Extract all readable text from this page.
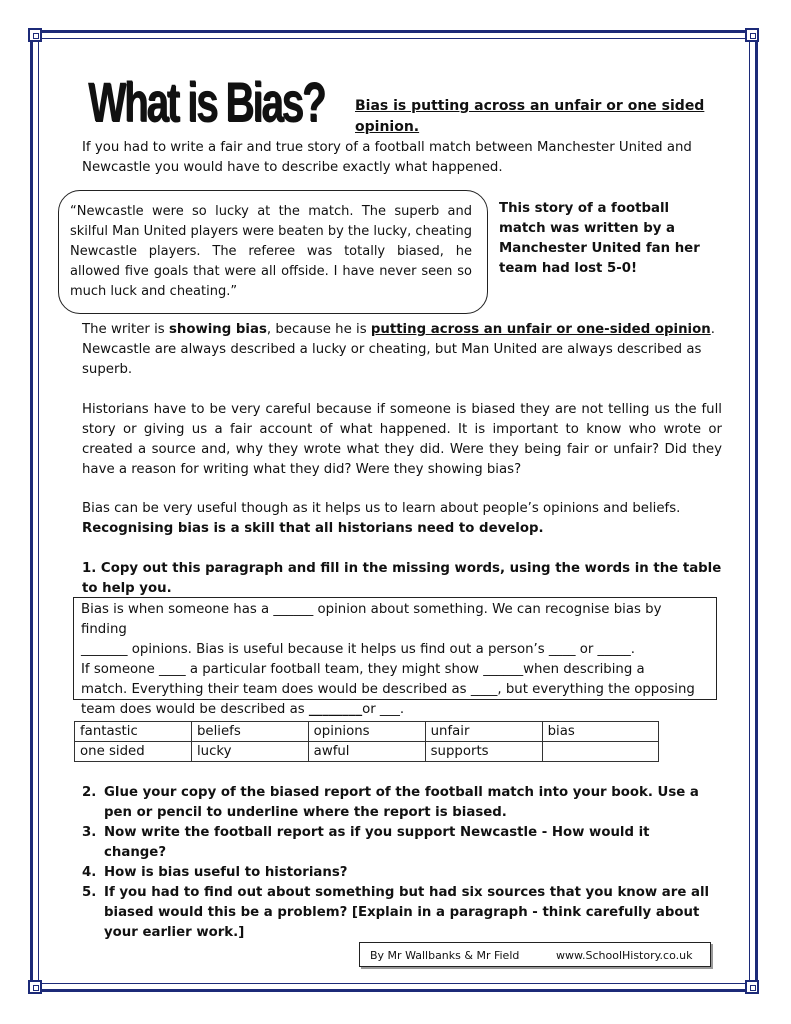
What is Bias? Bias is putting across an unfair or one sided opinion.
If you had to write a fair and true story of a football match between Manchester United and Newcastle you would have to describe exactly what happened.
“Newcastle were so lucky at the match. The superb and skilful Man United players were beaten by the lucky, cheating Newcastle players. The referee was totally biased, he allowed five goals that were all offside. I have never seen so much luck and cheating.”
This story of a football match was written by a Manchester United fan her team had lost 5-0!
The writer is showing bias, because he is putting across an unfair or one-sided opinion. Newcastle are always described a lucky or cheating, but Man United are always described as superb.
Historians have to be very careful because if someone is biased they are not telling us the full story or giving us a fair account of what happened. It is important to know who wrote or created a source and, why they wrote what they did. Were they being fair or unfair? Did they have a reason for writing what they did? Were they showing bias?
Bias can be very useful though as it helps us to learn about people’s opinions and beliefs.
Recognising bias is a skill that all historians need to develop.
1. Copy out this paragraph and fill in the missing words, using the words in the table to help you.
Bias is when someone has a ______ opinion about something. We can recognise bias by finding
_______ opinions. Bias is useful because it helps us find out a person’s ____ or _____.
If someone ____ a particular football team, they might show ______when describing a
match. Everything their team does would be described as ____, but everything the opposing
team does would be described as ________or ___.
fantastic	beliefs	opinions	unfair	bias
one sided	lucky	awful	supports	
2. Glue your copy of the biased report of the football match into your book. Use a pen or pencil to underline where the report is biased.
3. Now write the football report as if you support Newcastle - How would it change?
4. How is bias useful to historians?
5. If you had to find out about something but had six sources that you know are all biased would this be a problem? [Explain in a paragraph - think carefully about your earlier work.]
By Mr Wallbanks & Mr Field	www.SchoolHistory.co.uk
